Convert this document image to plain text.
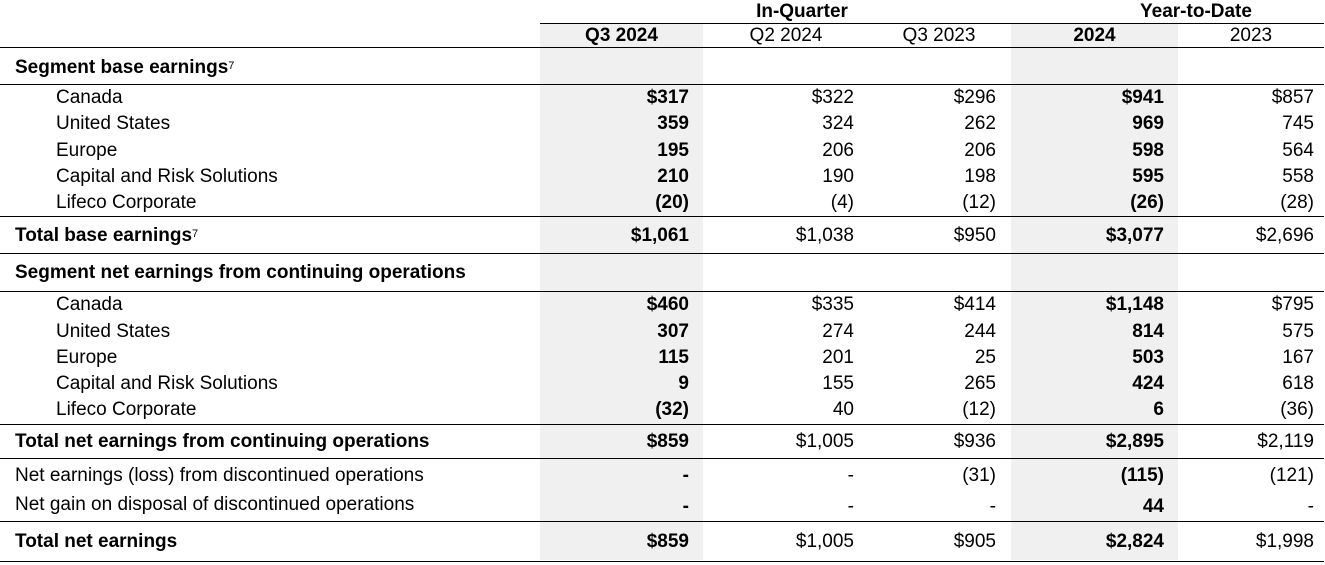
In-Quarter	Year-to-Date
Q3 2024	Q2 2024	Q3 2023	2024	2023
Segment base earnings$^7$
Canada	$317	$322	$296	$941	$857
United States	359	324	262	969	745
Europe	195	206	206	598	564
Capital and Risk Solutions	210	190	198	595	558
Lifeco Corporate	(20)	(4)	(12)	(26)	(28)
Total base earnings$^7$	$1,061	$1,038	$950	$3,077	$2,696
Segment net earnings from continuing operations
Canada	$460	$335	$414	$1,148	$795
United States	307	274	244	814	575
Europe	115	201	25	503	167
Capital and Risk Solutions	9	155	265	424	618
Lifeco Corporate	(32)	40	(12)	6	(36)
Total net earnings from continuing operations	$859	$1,005	$936	$2,895	$2,119
Net earnings (loss) from discontinued operations	-	-	(31)	(115)	(121)
Net gain on disposal of discontinued operations	-	-	-	44	-
Total net earnings	$859	$1,005	$905	$2,824	$1,998
